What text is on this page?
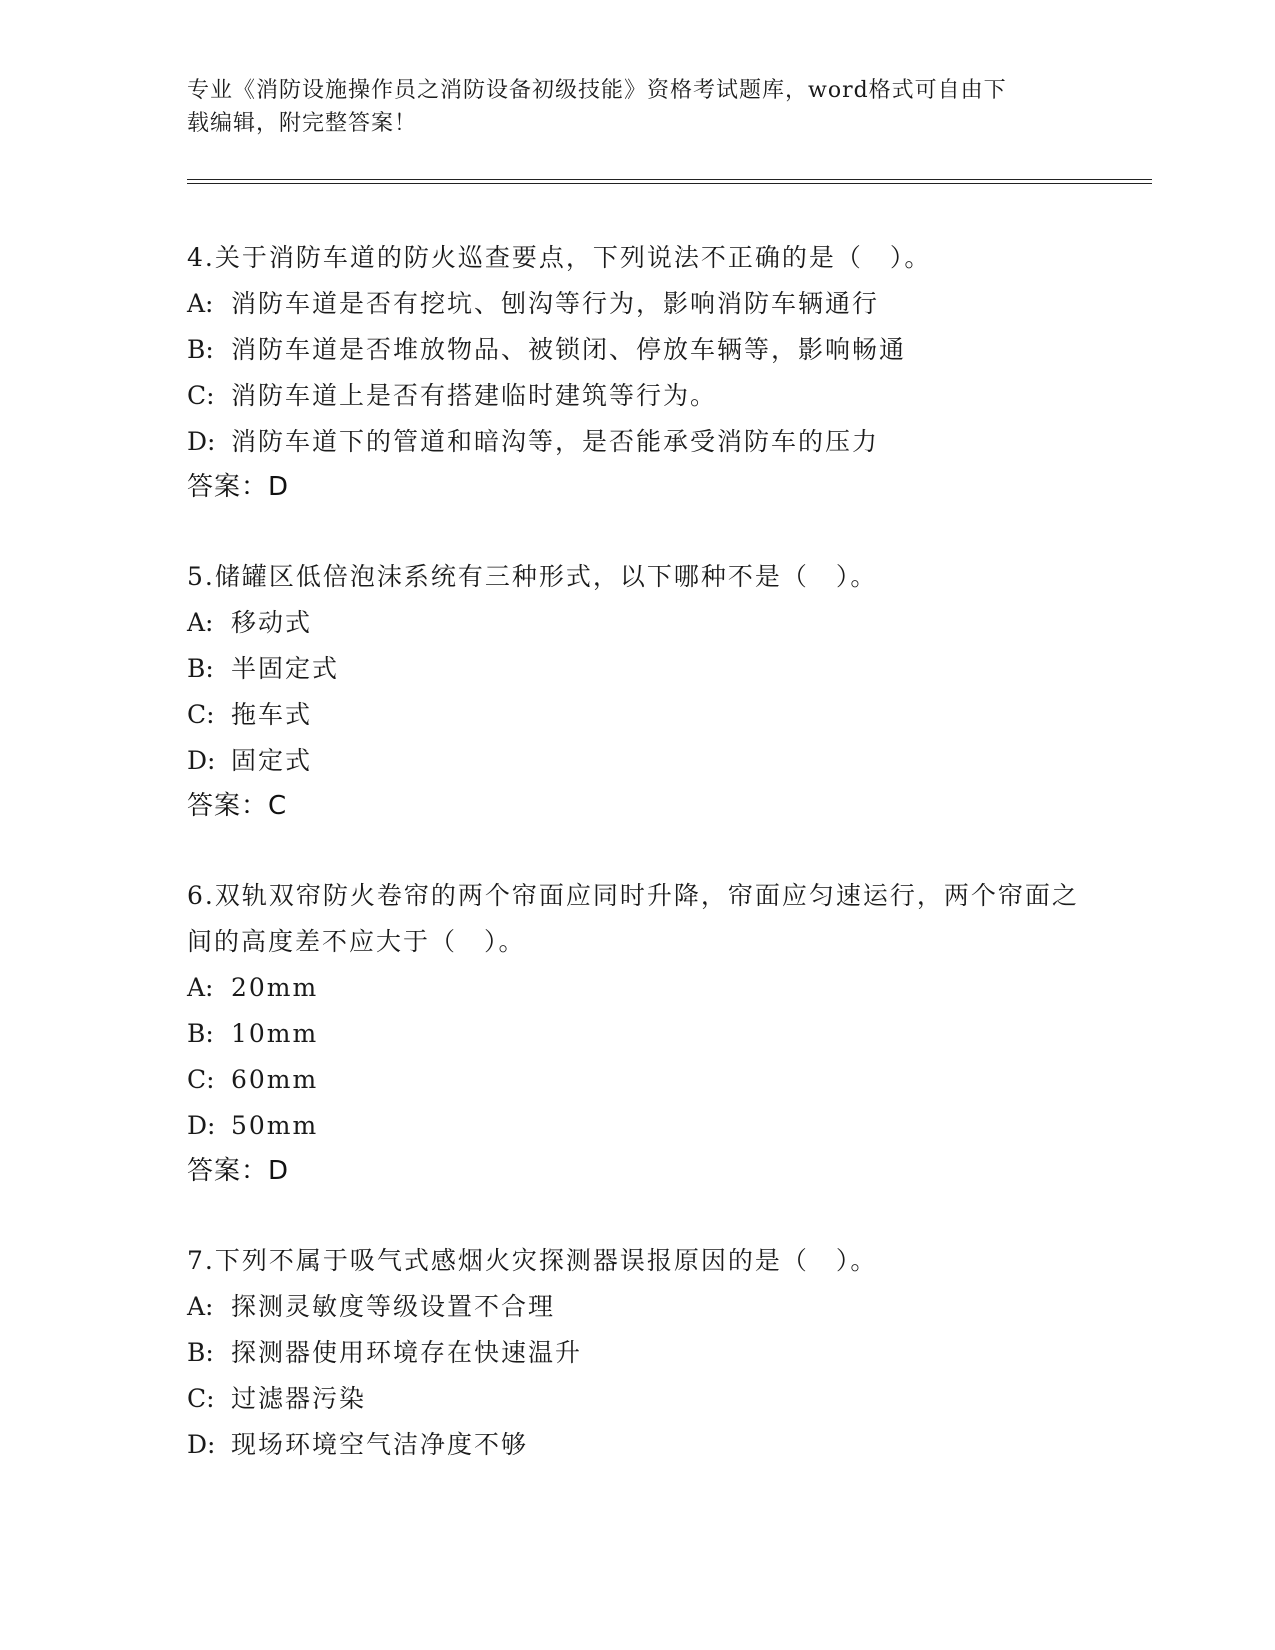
专业《消防设施操作员之消防设备初级技能》资格考试题库，word格式可自由下
载编辑，附完整答案！
4.关于消防车道的防火巡查要点，下列说法不正确的是（　）。
A: 消防车道是否有挖坑、刨沟等行为，影响消防车辆通行
B: 消防车道是否堆放物品、被锁闭、停放车辆等，影响畅通
C: 消防车道上是否有搭建临时建筑等行为。
D: 消防车道下的管道和暗沟等，是否能承受消防车的压力
答案：D
5.储罐区低倍泡沫系统有三种形式，以下哪种不是（　）。
A: 移动式
B: 半固定式
C: 拖车式
D: 固定式
答案：C
6.双轨双帘防火卷帘的两个帘面应同时升降，帘面应匀速运行，两个帘面之间的高度差不应大于（　）。
A: 20mm
B: 10mm
C: 60mm
D: 50mm
答案：D
7.下列不属于吸气式感烟火灾探测器误报原因的是（　）。
A: 探测灵敏度等级设置不合理
B: 探测器使用环境存在快速温升
C: 过滤器污染
D: 现场环境空气洁净度不够
